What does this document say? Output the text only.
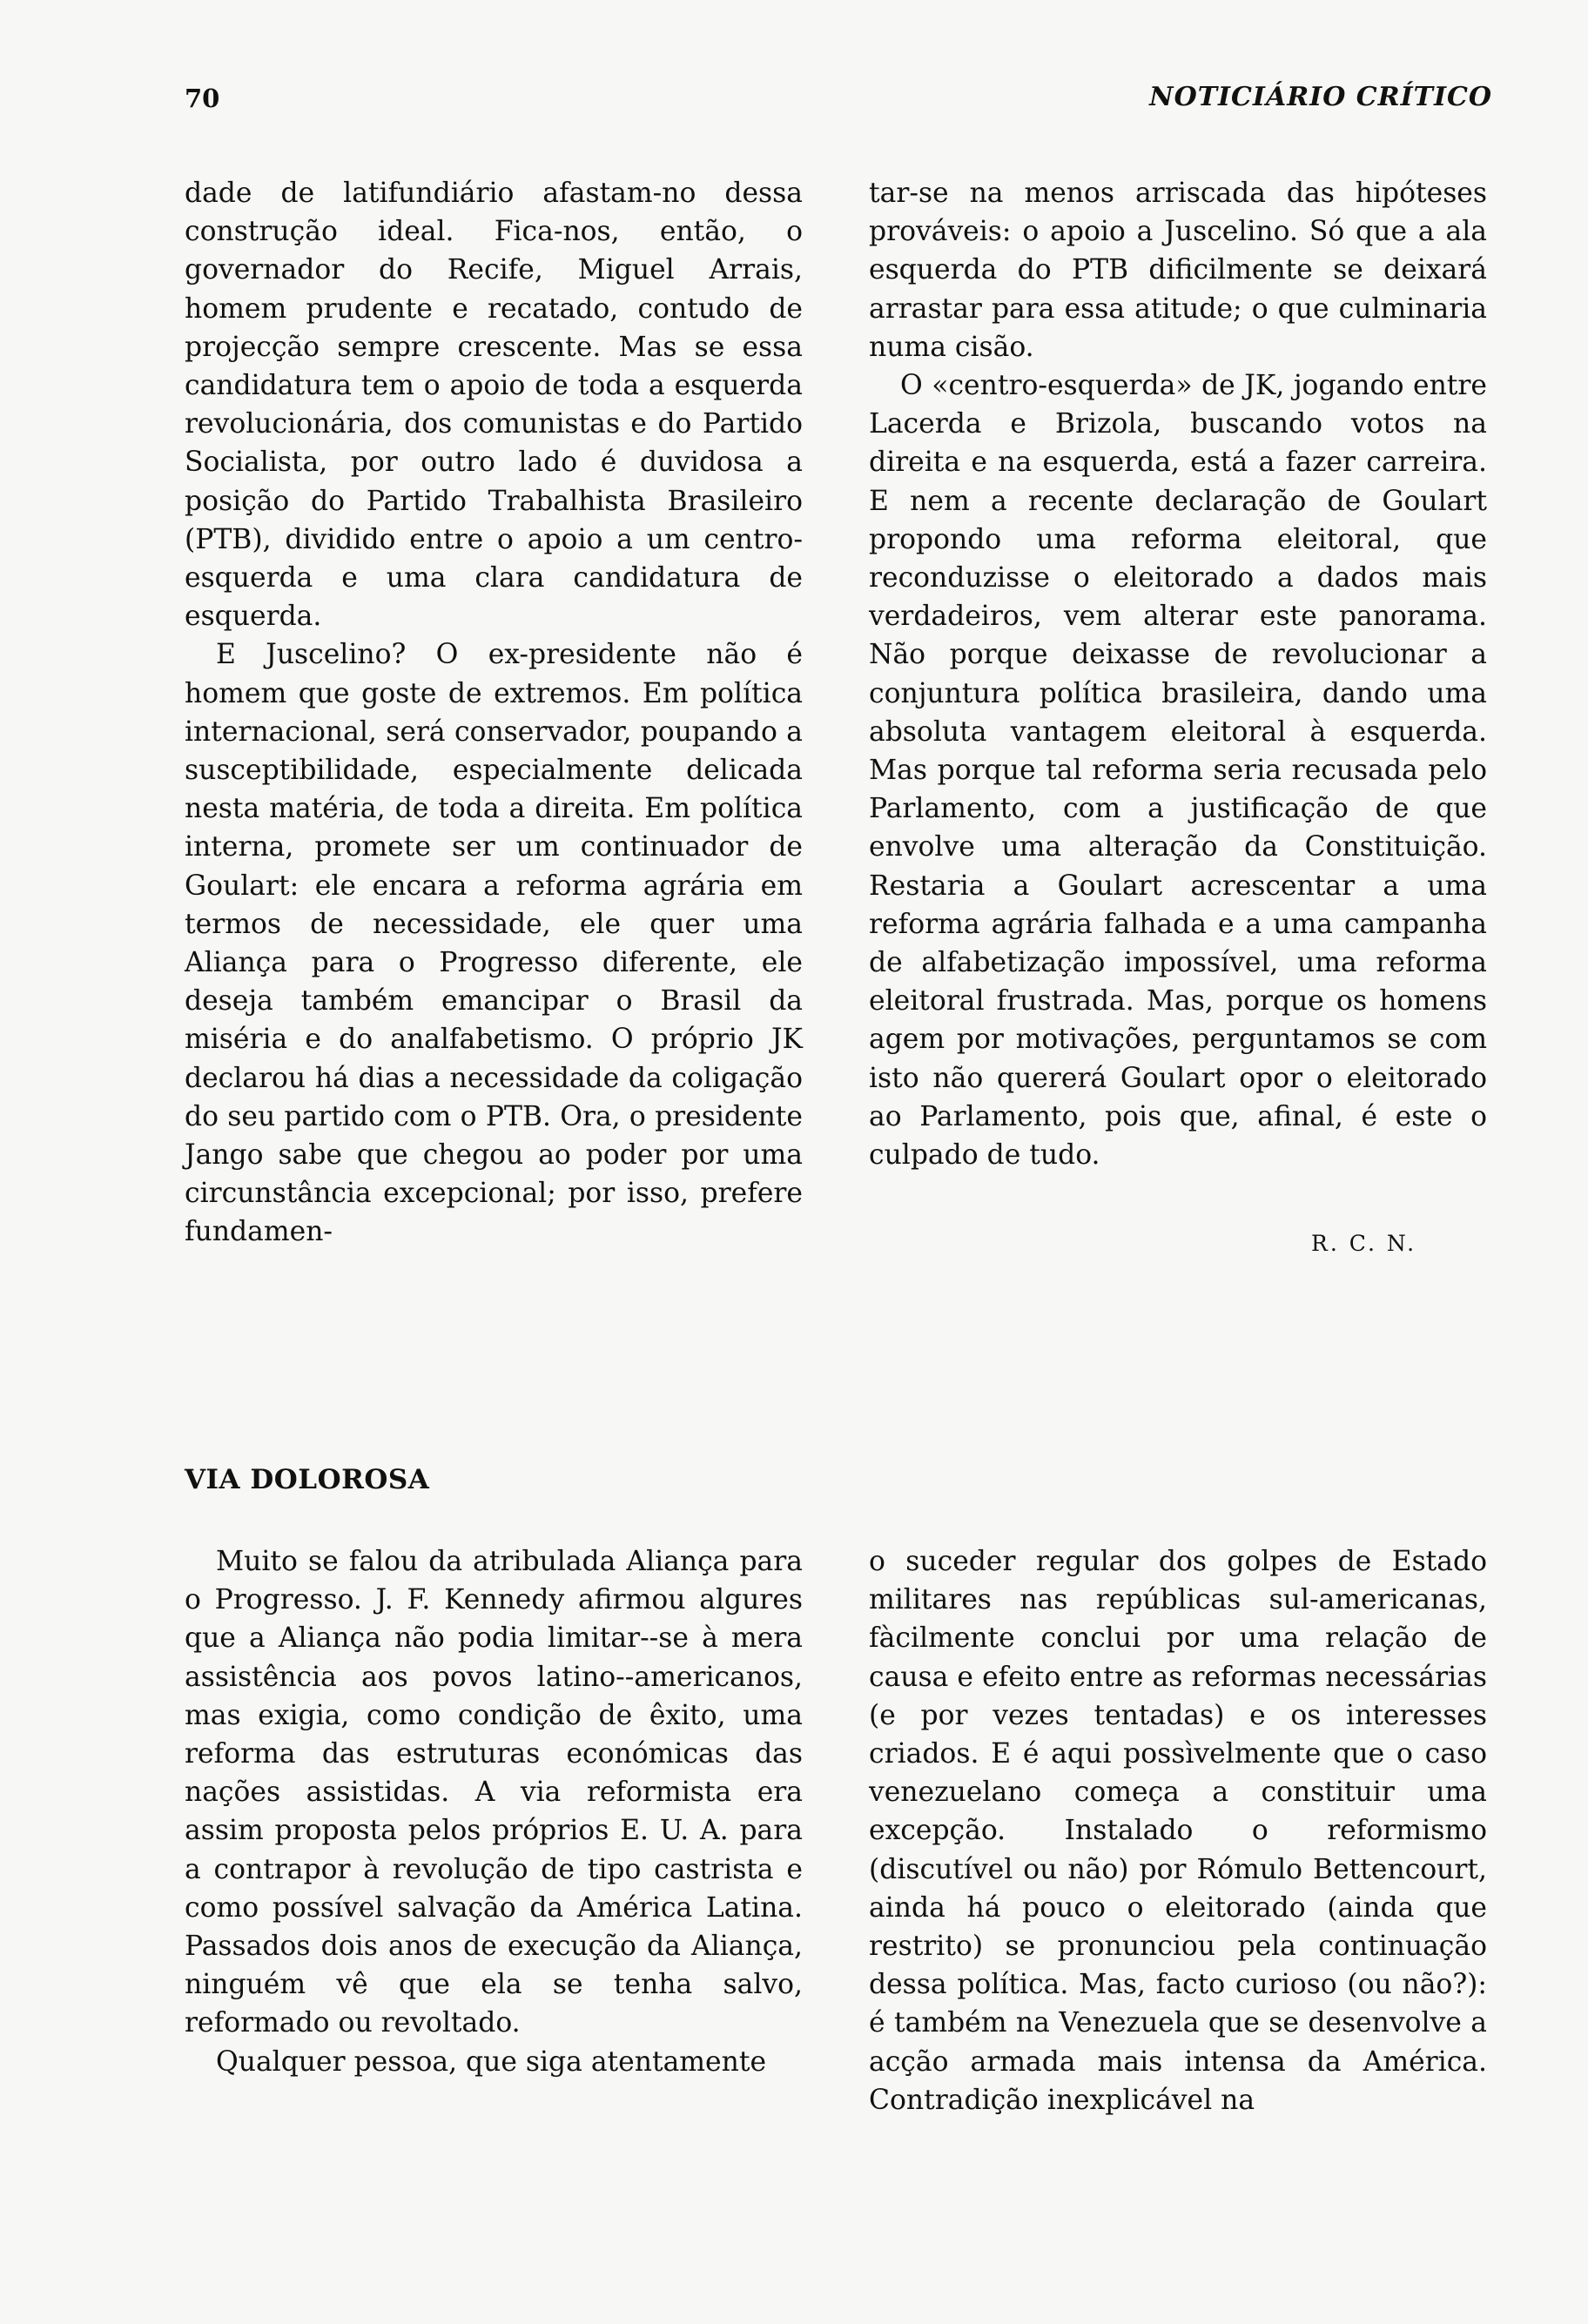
70	NOTICIÁRIO CRÍTICO

dade de latifundiário afastam-no dessa construção ideal. Fica-nos, então, o governador do Recife, Miguel Arrais, homem prudente e recatado, contudo de projecção sempre crescente. Mas se essa candidatura tem o apoio de toda a esquerda revolucionária, dos comunistas e do Partido Socialista, por outro lado é duvidosa a posição do Partido Trabalhista Brasileiro (PTB), dividido entre o apoio a um centro-esquerda e uma clara candidatura de esquerda.

E Juscelino? O ex-presidente não é homem que goste de extremos. Em política internacional, será conservador, poupando a susceptibilidade, especialmente delicada nesta matéria, de toda a direita. Em política interna, promete ser um continuador de Goulart: ele encara a reforma agrária em termos de necessidade, ele quer uma Aliança para o Progresso diferente, ele deseja também emancipar o Brasil da miséria e do analfabetismo. O próprio JK declarou há dias a necessidade da coligação do seu partido com o PTB. Ora, o presidente Jango sabe que chegou ao poder por uma circunstância excepcional; por isso, prefere fundamen-

tar-se na menos arriscada das hipóteses prováveis: o apoio a Juscelino. Só que a ala esquerda do PTB dificilmente se deixará arrastar para essa atitude; o que culminaria numa cisão.

O «centro-esquerda» de JK, jogando entre Lacerda e Brizola, buscando votos na direita e na esquerda, está a fazer carreira. E nem a recente declaração de Goulart propondo uma reforma eleitoral, que reconduzisse o eleitorado a dados mais verdadeiros, vem alterar este panorama. Não porque deixasse de revolucionar a conjuntura política brasileira, dando uma absoluta vantagem eleitoral à esquerda. Mas porque tal reforma seria recusada pelo Parlamento, com a justificação de que envolve uma alteração da Constituição. Restaria a Goulart acrescentar a uma reforma agrária falhada e a uma campanha de alfabetização impossível, uma reforma eleitoral frustrada. Mas, porque os homens agem por motivações, perguntamos se com isto não quererá Goulart opor o eleitorado ao Parlamento, pois que, afinal, é este o culpado de tudo.

R. C. N.
VIA DOLOROSA

Muito se falou da atribulada Aliança para o Progresso. J. F. Kennedy afirmou algures que a Aliança não podia limitar--se à mera assistência aos povos latino--americanos, mas exigia, como condição de êxito, uma reforma das estruturas económicas das nações assistidas. A via reformista era assim proposta pelos próprios E. U. A. para a contrapor à revolução de tipo castrista e como possível salvação da América Latina. Passados dois anos de execução da Aliança, ninguém vê que ela se tenha salvo, reformado ou revoltado.

Qualquer pessoa, que siga atentamente

o suceder regular dos golpes de Estado militares nas repúblicas sul-americanas, fàcilmente conclui por uma relação de causa e efeito entre as reformas necessárias (e por vezes tentadas) e os interesses criados. E é aqui possìvelmente que o caso venezuelano começa a constituir uma excepção. Instalado o reformismo (discutível ou não) por Rómulo Bettencourt, ainda há pouco o eleitorado (ainda que restrito) se pronunciou pela continuação dessa política. Mas, facto curioso (ou não?): é também na Venezuela que se desenvolve a acção armada mais intensa da América. Contradição inexplicável na
